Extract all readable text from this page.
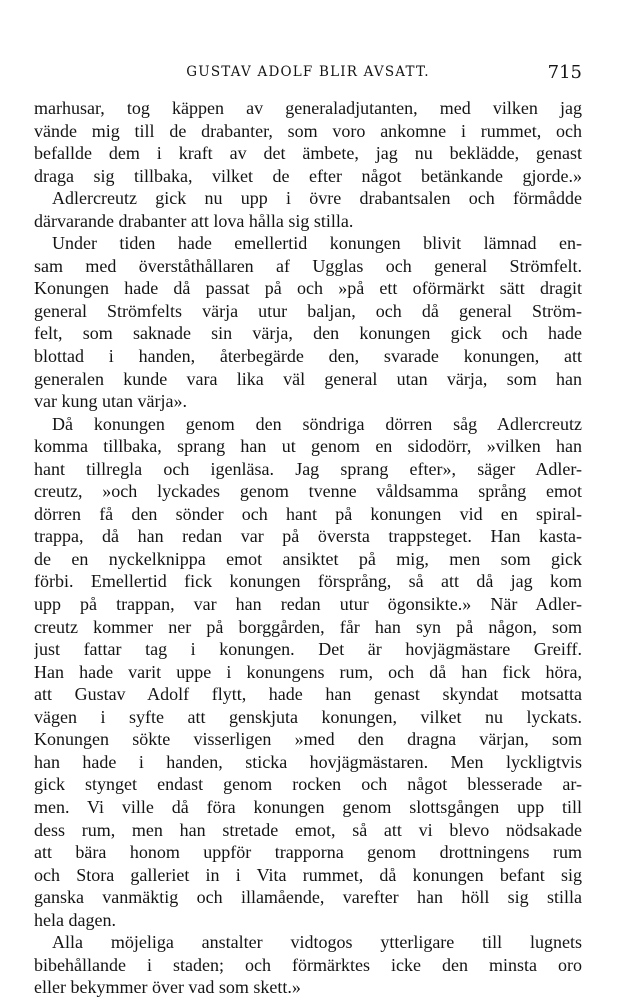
GUSTAV ADOLF BLIR AVSATT.	715
marhusar, tog käppen av generaladjutanten, med vilken jag
vände mig till de drabanter, som voro ankomne i rummet, och
befallde dem i kraft av det ämbete, jag nu beklädde, genast
draga sig tillbaka, vilket de efter något betänkande gjorde.»
Adlercreutz gick nu upp i övre drabantsalen och förmådde
därvarande drabanter att lova hålla sig stilla.
Under tiden hade emellertid konungen blivit lämnad en-
sam med överståthållaren af Ugglas och general Strömfelt.
Konungen hade då passat på och »på ett oförmärkt sätt dragit
general Strömfelts värja utur baljan, och då general Ström-
felt, som saknade sin värja, den konungen gick och hade
blottad i handen, återbegärde den, svarade konungen, att
generalen kunde vara lika väl general utan värja, som han
var kung utan värja».
Då konungen genom den söndriga dörren såg Adlercreutz
komma tillbaka, sprang han ut genom en sidodörr, »vilken han
hant tillregla och igenläsa. Jag sprang efter», säger Adler-
creutz, »och lyckades genom tvenne våldsamma språng emot
dörren få den sönder och hant på konungen vid en spiral-
trappa, då han redan var på översta trappsteget. Han kasta-
de en nyckelknippa emot ansiktet på mig, men som gick
förbi. Emellertid fick konungen försprång, så att då jag kom
upp på trappan, var han redan utur ögonsikte.» När Adler-
creutz kommer ner på borggården, får han syn på någon, som
just fattar tag i konungen. Det är hovjägmästare Greiff.
Han hade varit uppe i konungens rum, och då han fick höra,
att Gustav Adolf flytt, hade han genast skyndat motsatta
vägen i syfte att genskjuta konungen, vilket nu lyckats.
Konungen sökte visserligen »med den dragna värjan, som
han hade i handen, sticka hovjägmästaren. Men lyckligtvis
gick stynget endast genom rocken och något blesserade ar-
men. Vi ville då föra konungen genom slottsgången upp till
dess rum, men han stretade emot, så att vi blevo nödsakade
att bära honom uppför trapporna genom drottningens rum
och Stora galleriet in i Vita rummet, då konungen befant sig
ganska vanmäktig och illamående, varefter han höll sig stilla
hela dagen.
Alla möjeliga anstalter vidtogos ytterligare till lugnets
bibehållande i staden; och förmärktes icke den minsta oro
eller bekymmer över vad som skett.»
